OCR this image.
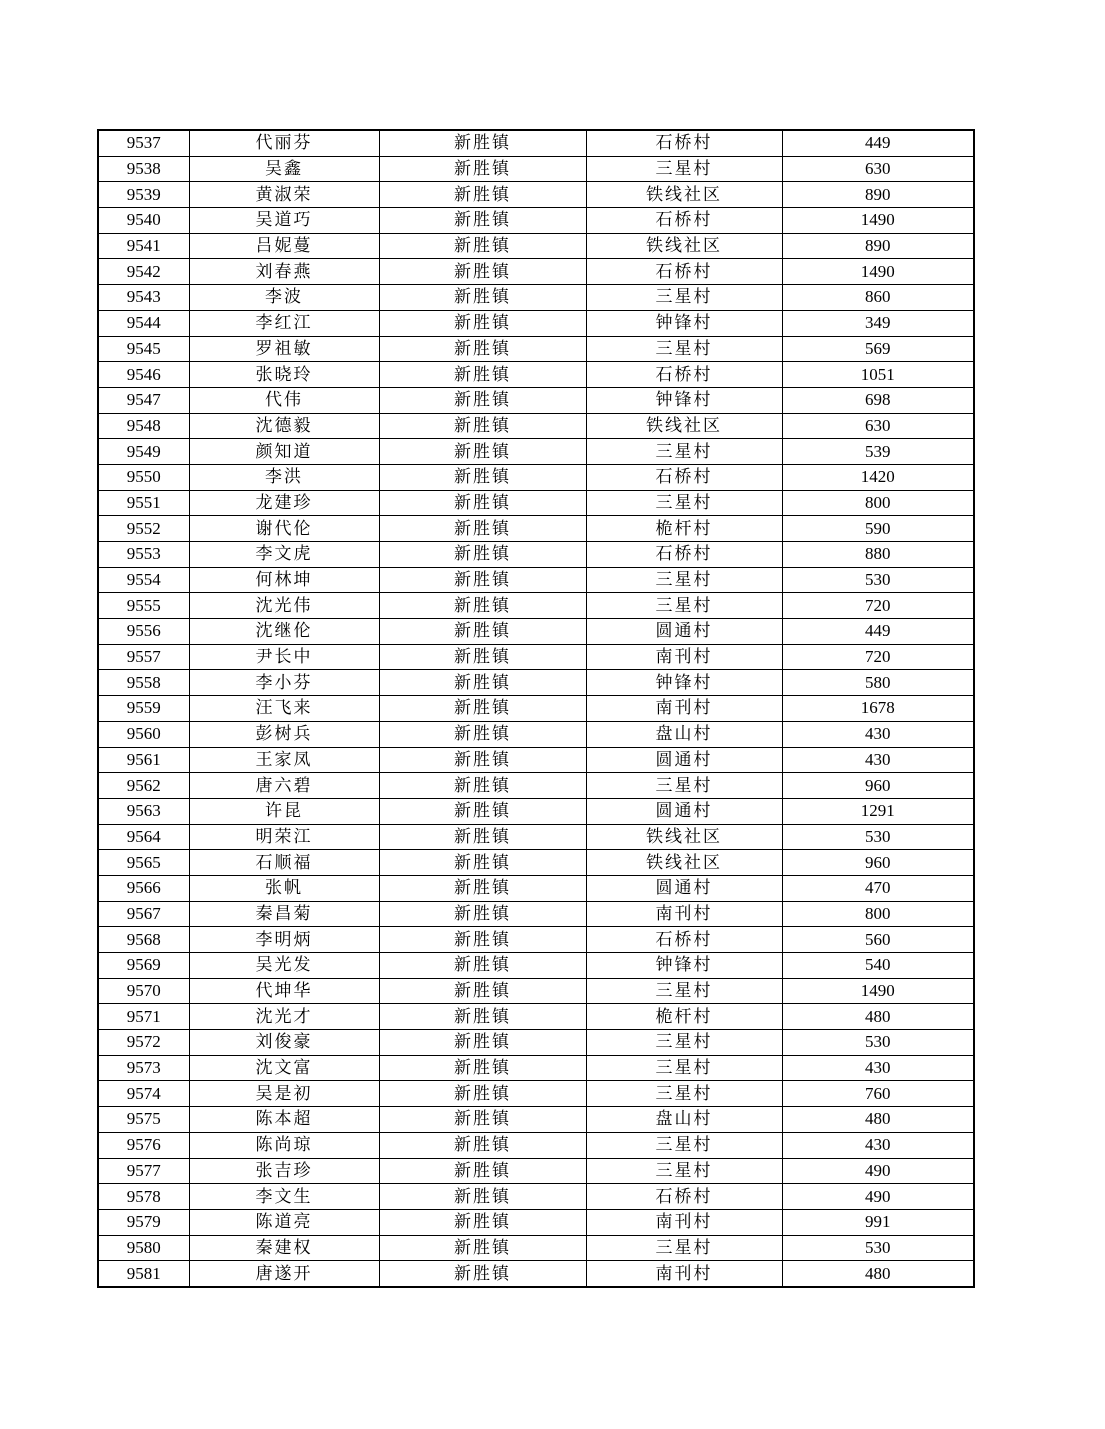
9537	代丽芬	新胜镇	石桥村	449
9538	吴鑫	新胜镇	三星村	630
9539	黄淑荣	新胜镇	铁线社区	890
9540	吴道巧	新胜镇	石桥村	1490
9541	吕妮蔓	新胜镇	铁线社区	890
9542	刘春燕	新胜镇	石桥村	1490
9543	李波	新胜镇	三星村	860
9544	李红江	新胜镇	钟锋村	349
9545	罗祖敏	新胜镇	三星村	569
9546	张晓玲	新胜镇	石桥村	1051
9547	代伟	新胜镇	钟锋村	698
9548	沈德毅	新胜镇	铁线社区	630
9549	颜知道	新胜镇	三星村	539
9550	李洪	新胜镇	石桥村	1420
9551	龙建珍	新胜镇	三星村	800
9552	谢代伦	新胜镇	桅杆村	590
9553	李文虎	新胜镇	石桥村	880
9554	何林坤	新胜镇	三星村	530
9555	沈光伟	新胜镇	三星村	720
9556	沈继伦	新胜镇	圆通村	449
9557	尹长中	新胜镇	南刊村	720
9558	李小芬	新胜镇	钟锋村	580
9559	汪飞来	新胜镇	南刊村	1678
9560	彭树兵	新胜镇	盘山村	430
9561	王家凤	新胜镇	圆通村	430
9562	唐六碧	新胜镇	三星村	960
9563	许昆	新胜镇	圆通村	1291
9564	明荣江	新胜镇	铁线社区	530
9565	石顺福	新胜镇	铁线社区	960
9566	张帆	新胜镇	圆通村	470
9567	秦昌菊	新胜镇	南刊村	800
9568	李明炳	新胜镇	石桥村	560
9569	吴光发	新胜镇	钟锋村	540
9570	代坤华	新胜镇	三星村	1490
9571	沈光才	新胜镇	桅杆村	480
9572	刘俊豪	新胜镇	三星村	530
9573	沈文富	新胜镇	三星村	430
9574	吴是初	新胜镇	三星村	760
9575	陈本超	新胜镇	盘山村	480
9576	陈尚琼	新胜镇	三星村	430
9577	张吉珍	新胜镇	三星村	490
9578	李文生	新胜镇	石桥村	490
9579	陈道亮	新胜镇	南刊村	991
9580	秦建权	新胜镇	三星村	530
9581	唐遂开	新胜镇	南刊村	480
